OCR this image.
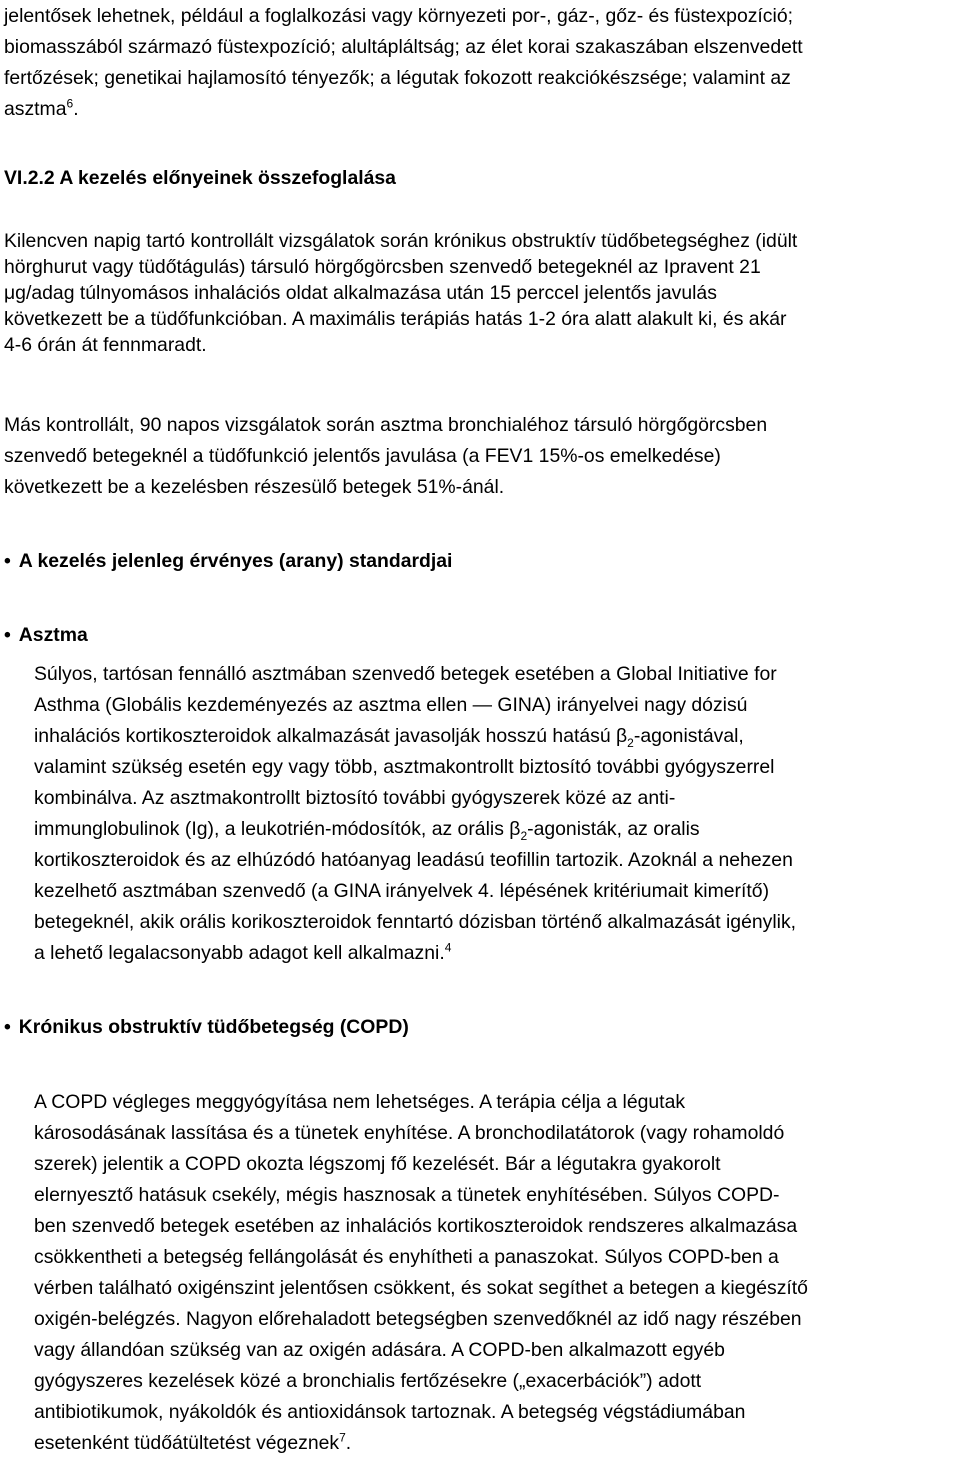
jelentősek lehetnek, például a foglalkozási vagy környezeti por-, gáz-, gőz- és füstexpozíció;
biomasszából származó füstexpozíció; alultápláltság; az élet korai szakaszában elszenvedett
fertőzések; genetikai hajlamosító tényezők; a légutak fokozott reakciókészsége; valamint az
asztma$^6$.
VI.2.2 A kezelés előnyeinek összefoglalása
Kilencven napig tartó kontrollált vizsgálatok során krónikus obstruktív tüdőbetegséghez (idült
hörghurut vagy tüdőtágulás) társuló hörgőgörcsben szenvedő betegeknél az Ipravent 21
μg/adag túlnyomásos inhalációs oldat alkalmazása után 15 perccel jelentős javulás
következett be a tüdőfunkcióban. A maximális terápiás hatás 1-2 óra alatt alakult ki, és akár
4-6 órán át fennmaradt.
Más kontrollált, 90 napos vizsgálatok során asztma bronchialéhoz társuló hörgőgörcsben
szenvedő betegeknél a tüdőfunkció jelentős javulása (a FEV1 15%-os emelkedése)
következett be a kezelésben részesülő betegek 51%-ánál.
• A kezelés jelenleg érvényes (arany) standardjai
• Asztma
Súlyos, tartósan fennálló asztmában szenvedő betegek esetében a Global Initiative for
Asthma (Globális kezdeményezés az asztma ellen — GINA) irányelvei nagy dózisú
inhalációs kortikoszteroidok alkalmazását javasolják hosszú hatású $\beta_2$-agonistával,
valamint szükség esetén egy vagy több, asztmakontrollt biztosító további gyógyszerrel
kombinálva. Az asztmakontrollt biztosító további gyógyszerek közé az anti-
immunglobulinok (Ig), a leukotrién-módosítók, az orális $\beta_2$-agonisták, az oralis
kortikoszteroidok és az elhúzódó hatóanyag leadású teofillin tartozik. Azoknál a nehezen
kezelhető asztmában szenvedő (a GINA irányelvek 4. lépésének kritériumait kimerítő)
betegeknél, akik orális korikoszteroidok fenntartó dózisban történő alkalmazását igénylik,
a lehető legalacsonyabb adagot kell alkalmazni.$^4$
• Krónikus obstruktív tüdőbetegség (COPD)
A COPD végleges meggyógyítása nem lehetséges. A terápia célja a légutak
károsodásának lassítása és a tünetek enyhítése. A bronchodilatátorok (vagy rohamoldó
szerek) jelentik a COPD okozta légszomj fő kezelését. Bár a légutakra gyakorolt
elernyesztő hatásuk csekély, mégis hasznosak a tünetek enyhítésében. Súlyos COPD-
ben szenvedő betegek esetében az inhalációs kortikoszteroidok rendszeres alkalmazása
csökkentheti a betegség fellángolását és enyhítheti a panaszokat. Súlyos COPD-ben a
vérben található oxigénszint jelentősen csökkent, és sokat segíthet a betegen a kiegészítő
oxigén-belégzés. Nagyon előrehaladott betegségben szenvedőknél az idő nagy részében
vagy állandóan szükség van az oxigén adására. A COPD-ben alkalmazott egyéb
gyógyszeres kezelések közé a bronchialis fertőzésekre („exacerbációk”) adott
antibiotikumok, nyákoldók és antioxidánsok tartoznak. A betegség végstádiumában
esetenként tüdőátültetést végeznek$^7$.
